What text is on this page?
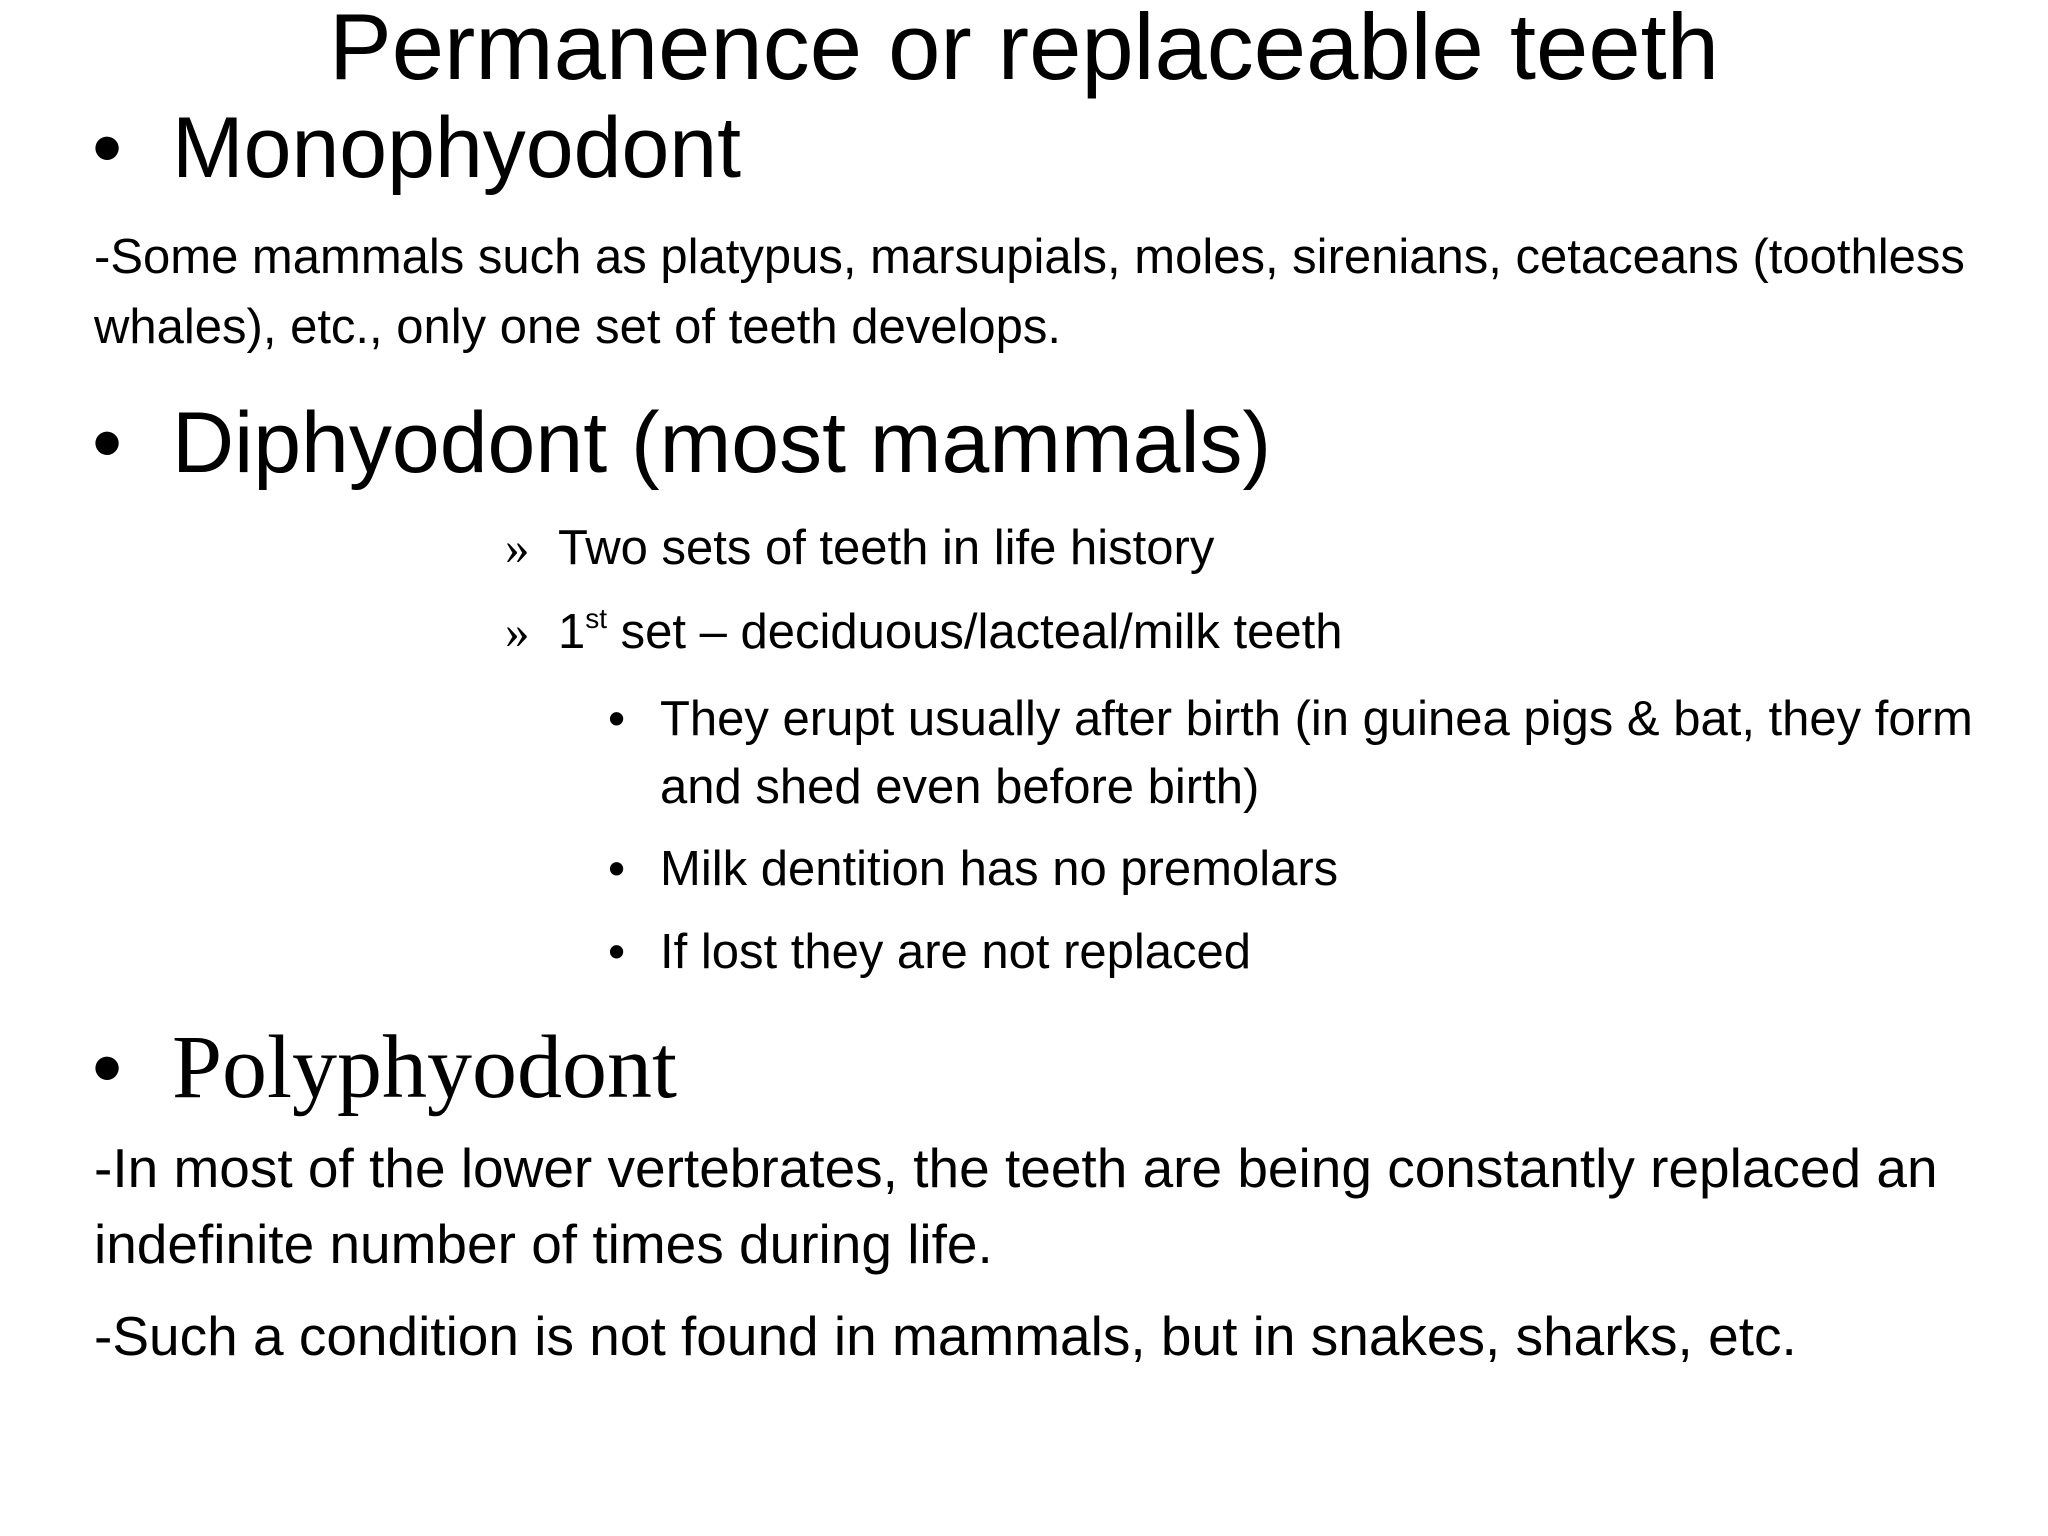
Permanence or replaceable teeth
• Monophyodont
-Some mammals such as platypus, marsupials, moles, sirenians, cetaceans (toothless whales), etc., only one set of teeth develops.
• Diphyodont (most mammals)
» Two sets of teeth in life history
» 1st set – deciduous/lacteal/milk teeth
• They erupt usually after birth (in guinea pigs & bat, they form and shed even before birth)
• Milk dentition has no premolars
• If lost they are not replaced
• Polyphyodont
-In most of the lower vertebrates, the teeth are being constantly replaced an indefinite number of times during life.
-Such a condition is not found in mammals, but in snakes, sharks, etc.
